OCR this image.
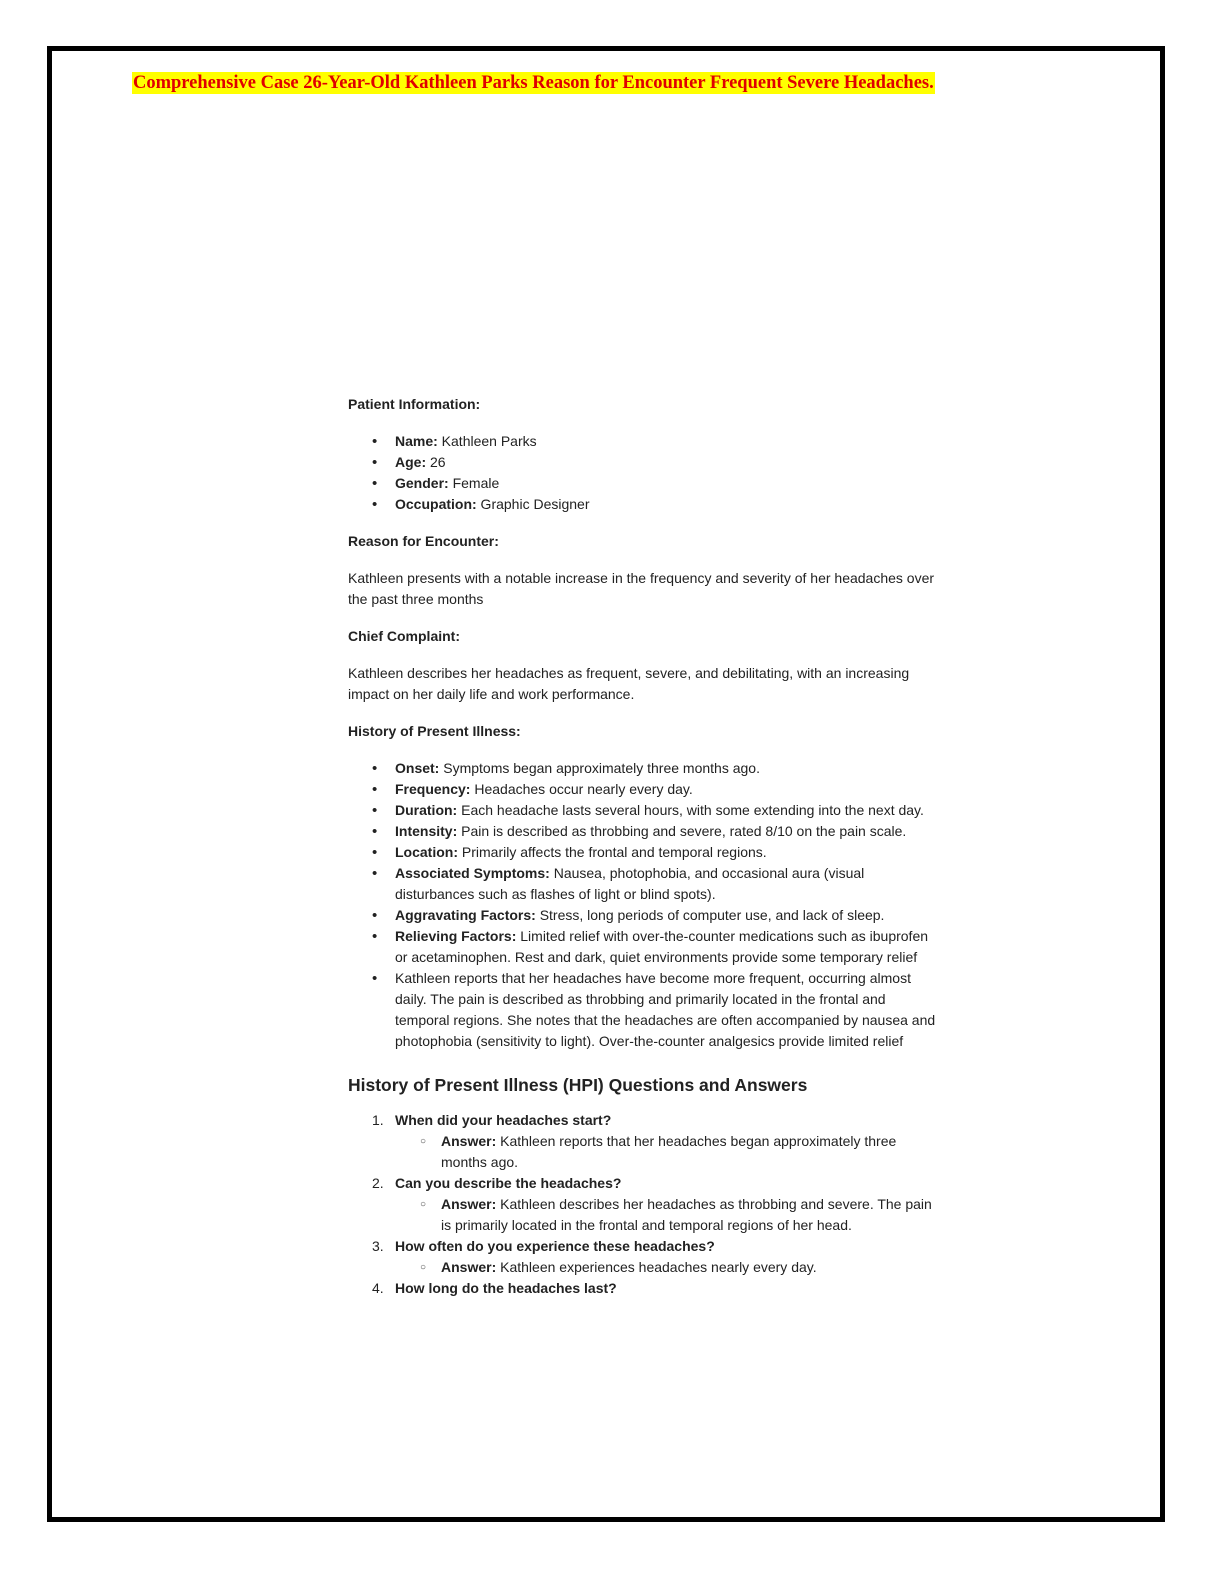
Comprehensive Case 26-Year-Old Kathleen Parks Reason for Encounter Frequent Severe Headaches.

Patient Information:

• Name: Kathleen Parks
• Age: 26
• Gender: Female
• Occupation: Graphic Designer

Reason for Encounter:

Kathleen presents with a notable increase in the frequency and severity of her headaches over the past three months

Chief Complaint:

Kathleen describes her headaches as frequent, severe, and debilitating, with an increasing impact on her daily life and work performance.

History of Present Illness:

• Onset: Symptoms began approximately three months ago.
• Frequency: Headaches occur nearly every day.
• Duration: Each headache lasts several hours, with some extending into the next day.
• Intensity: Pain is described as throbbing and severe, rated 8/10 on the pain scale.
• Location: Primarily affects the frontal and temporal regions.
• Associated Symptoms: Nausea, photophobia, and occasional aura (visual disturbances such as flashes of light or blind spots).
• Aggravating Factors: Stress, long periods of computer use, and lack of sleep.
• Relieving Factors: Limited relief with over-the-counter medications such as ibuprofen or acetaminophen. Rest and dark, quiet environments provide some temporary relief
• Kathleen reports that her headaches have become more frequent, occurring almost daily. The pain is described as throbbing and primarily located in the frontal and temporal regions. She notes that the headaches are often accompanied by nausea and photophobia (sensitivity to light). Over-the-counter analgesics provide limited relief
History of Present Illness (HPI) Questions and Answers
When did your headaches start?
○ Answer: Kathleen reports that her headaches began approximately three months ago.
Can you describe the headaches?
○ Answer: Kathleen describes her headaches as throbbing and severe. The pain is primarily located in the frontal and temporal regions of her head.
How often do you experience these headaches?
○ Answer: Kathleen experiences headaches nearly every day.
How long do the headaches last?
